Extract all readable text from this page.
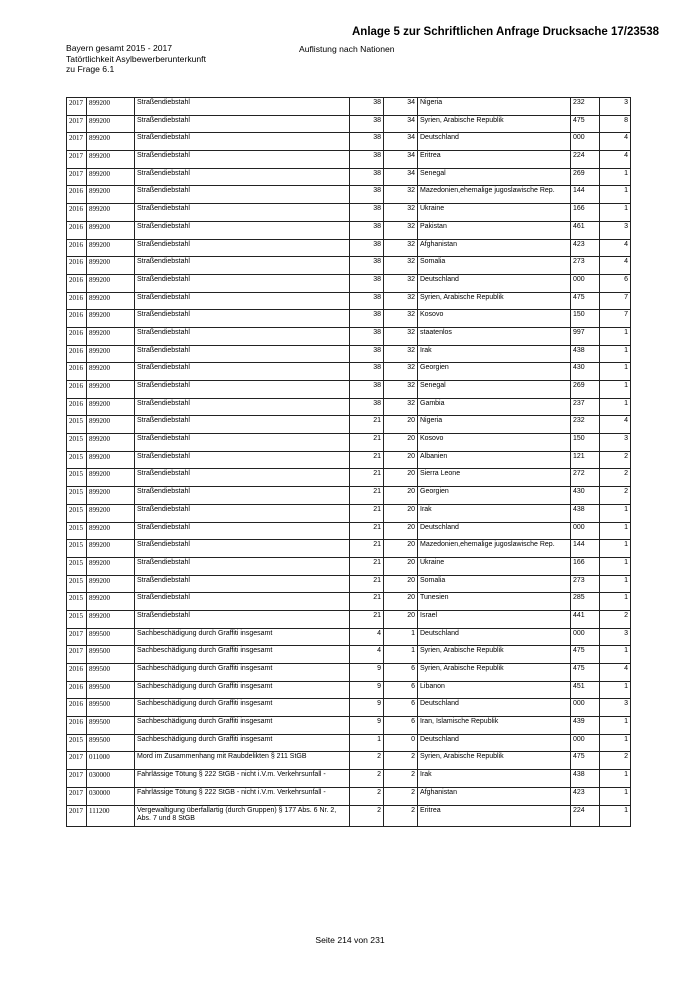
Anlage 5 zur Schriftlichen Anfrage Drucksache 17/23538
Bayern gesamt 2015 - 2017
Tatörtlichkeit Asylbewerberunterkunft
zu Frage 6.1
Auflistung nach Nationen
2017	899200	Straßendiebstahl	38	34	Nigeria	232	3
2017	899200	Straßendiebstahl	38	34	Syrien, Arabische Republik	475	8
2017	899200	Straßendiebstahl	38	34	Deutschland	000	4
2017	899200	Straßendiebstahl	38	34	Eritrea	224	4
2017	899200	Straßendiebstahl	38	34	Senegal	269	1
2016	899200	Straßendiebstahl	38	32	Mazedonien,ehemalige jugoslawische Rep.	144	1
2016	899200	Straßendiebstahl	38	32	Ukraine	166	1
2016	899200	Straßendiebstahl	38	32	Pakistan	461	3
2016	899200	Straßendiebstahl	38	32	Afghanistan	423	4
2016	899200	Straßendiebstahl	38	32	Somalia	273	4
2016	899200	Straßendiebstahl	38	32	Deutschland	000	6
2016	899200	Straßendiebstahl	38	32	Syrien, Arabische Republik	475	7
2016	899200	Straßendiebstahl	38	32	Kosovo	150	7
2016	899200	Straßendiebstahl	38	32	staatenlos	997	1
2016	899200	Straßendiebstahl	38	32	Irak	438	1
2016	899200	Straßendiebstahl	38	32	Georgien	430	1
2016	899200	Straßendiebstahl	38	32	Senegal	269	1
2016	899200	Straßendiebstahl	38	32	Gambia	237	1
2015	899200	Straßendiebstahl	21	20	Nigeria	232	4
2015	899200	Straßendiebstahl	21	20	Kosovo	150	3
2015	899200	Straßendiebstahl	21	20	Albanien	121	2
2015	899200	Straßendiebstahl	21	20	Sierra Leone	272	2
2015	899200	Straßendiebstahl	21	20	Georgien	430	2
2015	899200	Straßendiebstahl	21	20	Irak	438	1
2015	899200	Straßendiebstahl	21	20	Deutschland	000	1
2015	899200	Straßendiebstahl	21	20	Mazedonien,ehemalige jugoslawische Rep.	144	1
2015	899200	Straßendiebstahl	21	20	Ukraine	166	1
2015	899200	Straßendiebstahl	21	20	Somalia	273	1
2015	899200	Straßendiebstahl	21	20	Tunesien	285	1
2015	899200	Straßendiebstahl	21	20	Israel	441	2
2017	899500	Sachbeschädigung durch Graffiti insgesamt	4	1	Deutschland	000	3
2017	899500	Sachbeschädigung durch Graffiti insgesamt	4	1	Syrien, Arabische Republik	475	1
2016	899500	Sachbeschädigung durch Graffiti insgesamt	9	6	Syrien, Arabische Republik	475	4
2016	899500	Sachbeschädigung durch Graffiti insgesamt	9	6	Libanon	451	1
2016	899500	Sachbeschädigung durch Graffiti insgesamt	9	6	Deutschland	000	3
2016	899500	Sachbeschädigung durch Graffiti insgesamt	9	6	Iran, Islamische Republik	439	1
2015	899500	Sachbeschädigung durch Graffiti insgesamt	1	0	Deutschland	000	1
2017	011000	Mord im Zusammenhang mit Raubdelikten § 211 StGB	2	2	Syrien, Arabische Republik	475	2
2017	030000	Fahrlässige Tötung § 222 StGB - nicht i.V.m. Verkehrsunfall -	2	2	Irak	438	1
2017	030000	Fahrlässige Tötung § 222 StGB - nicht i.V.m. Verkehrsunfall -	2	2	Afghanistan	423	1
2017	111200	Vergewaltigung überfallartig (durch Gruppen) § 177 Abs. 6 Nr. 2, Abs. 7 und 8 StGB	2	2	Eritrea	224	1
Seite 214 von 231
